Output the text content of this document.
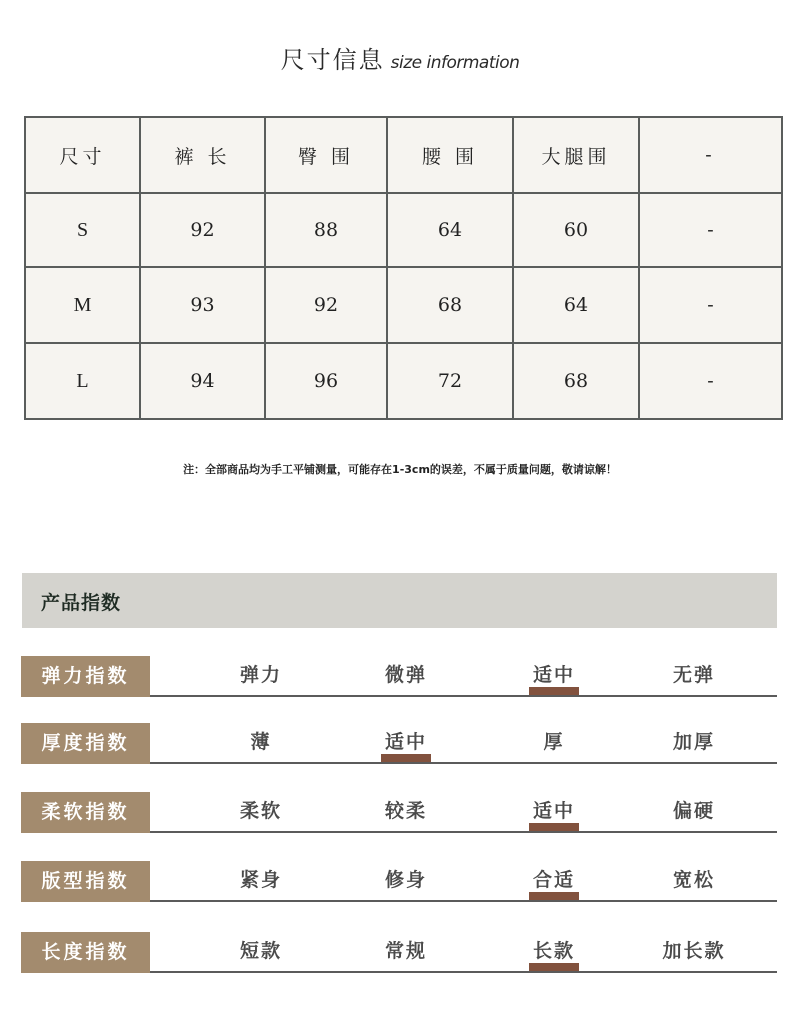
尺寸信息 size information
尺寸	裤 长	臀 围	腰 围	大腿围	-
S	92	88	64	60	-
M	93	92	68	64	-
L	94	96	72	68	-
注：全部商品均为手工平铺测量，可能存在1-3cm的误差，不属于质量问题，敬请谅解！
产品指数
弹力指数	弹力	微弹	适中	无弹
厚度指数	薄	适中	厚	加厚
柔软指数	柔软	较柔	适中	偏硬
版型指数	紧身	修身	合适	宽松
长度指数	短款	常规	长款	加长款
